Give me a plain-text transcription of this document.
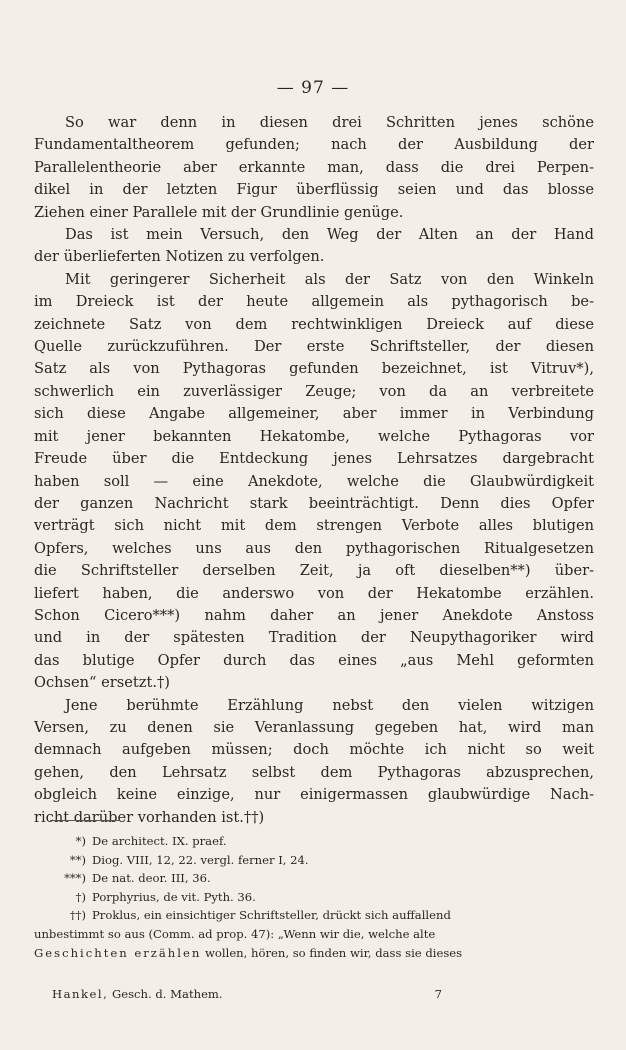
— 97 —
So war denn in diesen drei Schritten jenes schöne
Fundamentaltheorem gefunden; nach der Ausbildung der
Parallelentheorie aber erkannte man, dass die drei Perpen-
dikel in der letzten Figur überflüssig seien und das blosse
Ziehen einer Parallele mit der Grundlinie genüge.
Das ist mein Versuch, den Weg der Alten an der Hand
der überlieferten Notizen zu verfolgen.
Mit geringerer Sicherheit als der Satz von den Winkeln
im Dreieck ist der heute allgemein als pythagorisch be-
zeichnete Satz von dem rechtwinkligen Dreieck auf diese
Quelle zurückzuführen. Der erste Schriftsteller, der diesen
Satz als von Pythagoras gefunden bezeichnet, ist Vitruv*),
schwerlich ein zuverlässiger Zeuge; von da an verbreitete
sich diese Angabe allgemeiner, aber immer in Verbindung
mit jener bekannten Hekatombe, welche Pythagoras vor
Freude über die Entdeckung jenes Lehrsatzes dargebracht
haben soll — eine Anekdote, welche die Glaubwürdigkeit
der ganzen Nachricht stark beeinträchtigt. Denn dies Opfer
verträgt sich nicht mit dem strengen Verbote alles blutigen
Opfers, welches uns aus den pythagorischen Ritualgesetzen
die Schriftsteller derselben Zeit, ja oft dieselben**) über-
liefert haben, die anderswo von der Hekatombe erzählen.
Schon Cicero***) nahm daher an jener Anekdote Anstoss
und in der spätesten Tradition der Neupythagoriker wird
das blutige Opfer durch das eines „aus Mehl geformten
Ochsen“ ersetzt.†)
Jene berühmte Erzählung nebst den vielen witzigen
Versen, zu denen sie Veranlassung gegeben hat, wird man
demnach aufgeben müssen; doch möchte ich nicht so weit
gehen, den Lehrsatz selbst dem Pythagoras abzusprechen,
obgleich keine einzige, nur einigermassen glaubwürdige Nach-
richt darüber vorhanden ist.††)
*) De architect. IX. praef.
**) Diog. VIII, 12, 22. vergl. ferner I, 24.
***) De nat. deor. III, 36.
†) Porphyrius, de vit. Pyth. 36.
††) Proklus, ein einsichtiger Schriftsteller, drückt sich auffallend
unbestimmt so aus (Comm. ad prop. 47): „Wenn wir die, welche alte
Geschichten erzählen wollen, hören, so finden wir, dass sie dieses
Hankel, Gesch. d. Mathem.	7
